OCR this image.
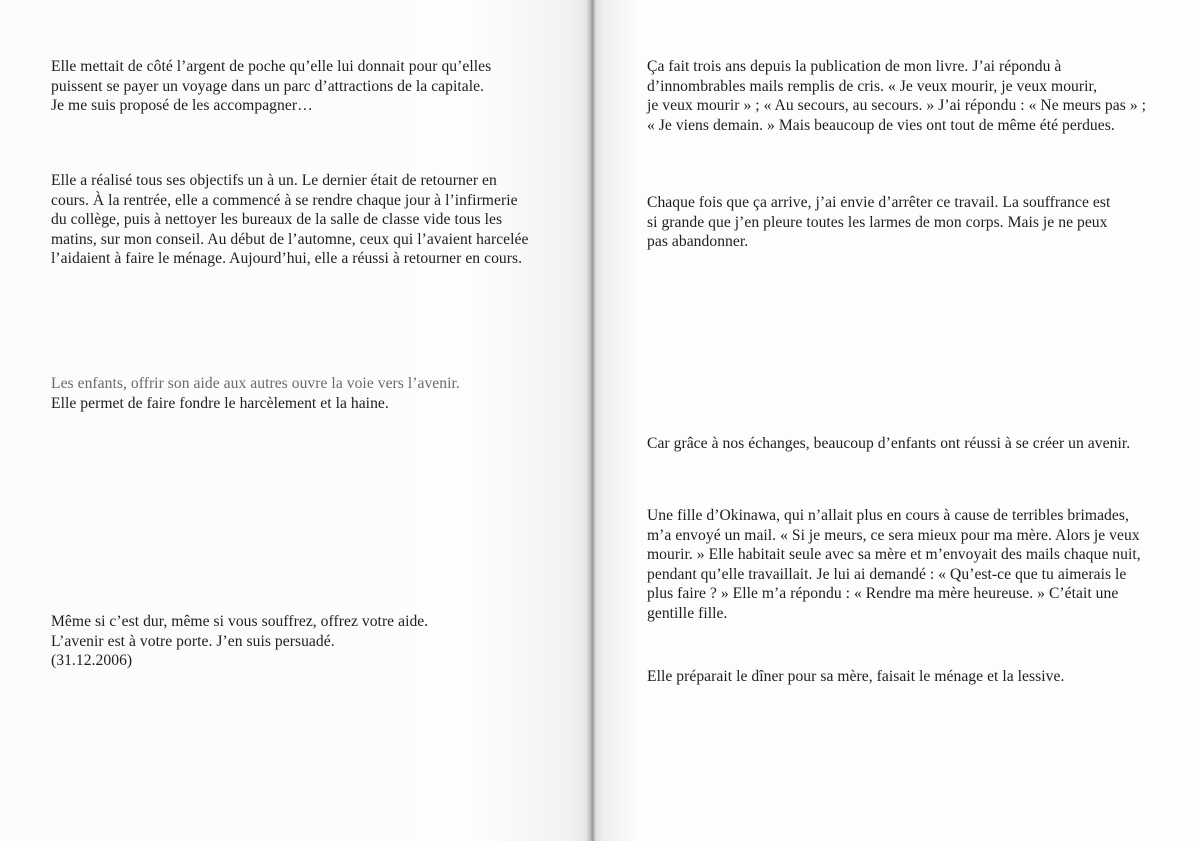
Elle mettait de côté l’argent de poche qu’elle lui donnait pour qu’elles
puissent se payer un voyage dans un parc d’attractions de la capitale.
Je me suis proposé de les accompagner…

Elle a réalisé tous ses objectifs un à un. Le dernier était de retourner en
cours. À la rentrée, elle a commencé à se rendre chaque jour à l’infirmerie
du collège, puis à nettoyer les bureaux de la salle de classe vide tous les
matins, sur mon conseil. Au début de l’automne, ceux qui l’avaient harcelée
l’aidaient à faire le ménage. Aujourd’hui, elle a réussi à retourner en cours.

Les enfants, offrir son aide aux autres ouvre la voie vers l’avenir.

Elle permet de faire fondre le harcèlement et la haine.

Même si c’est dur, même si vous souffrez, offrez votre aide.
L’avenir est à votre porte. J’en suis persuadé.
(31.12.2006)

Ça fait trois ans depuis la publication de mon livre. J’ai répondu à
d’innombrables mails remplis de cris. « Je veux mourir, je veux mourir,
je veux mourir » ; « Au secours, au secours. » J’ai répondu : « Ne meurs pas » ;
« Je viens demain. » Mais beaucoup de vies ont tout de même été perdues.

Chaque fois que ça arrive, j’ai envie d’arrêter ce travail. La souffrance est
si grande que j’en pleure toutes les larmes de mon corps. Mais je ne peux
pas abandonner.

Car grâce à nos échanges, beaucoup d’enfants ont réussi à se créer un avenir.

Une fille d’Okinawa, qui n’allait plus en cours à cause de terribles brimades,
m’a envoyé un mail. « Si je meurs, ce sera mieux pour ma mère. Alors je veux
mourir. » Elle habitait seule avec sa mère et m’envoyait des mails chaque nuit,
pendant qu’elle travaillait. Je lui ai demandé : « Qu’est-ce que tu aimerais le
plus faire ? » Elle m’a répondu : « Rendre ma mère heureuse. » C’était une
gentille fille.

Elle préparait le dîner pour sa mère, faisait le ménage et la lessive.
